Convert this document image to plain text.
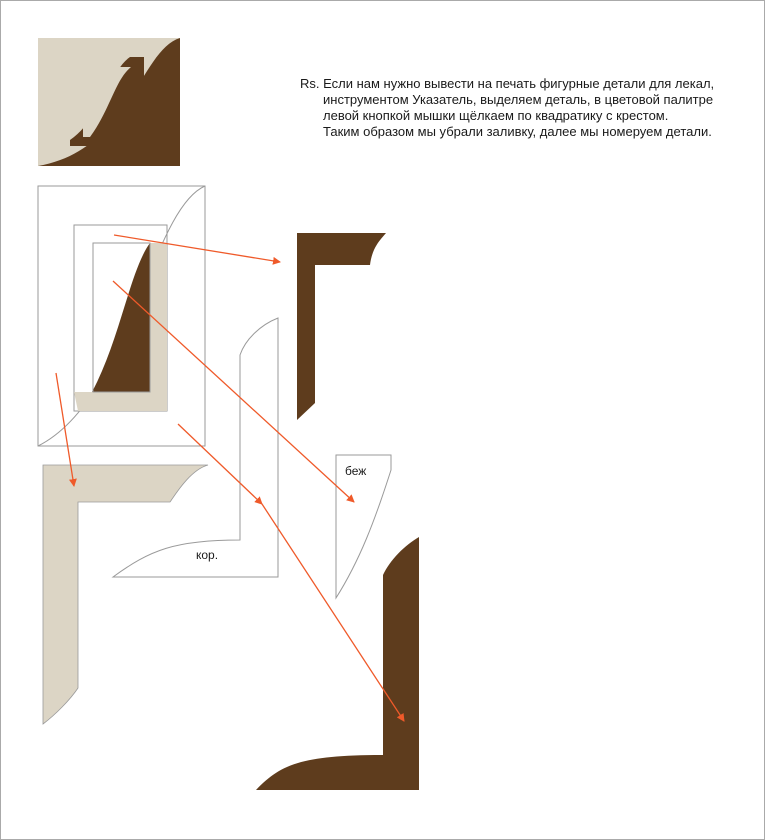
Rs. Если нам нужно вывести на печать фигурные детали для лекал,
инструментом Указатель, выделяем деталь, в цветовой палитре
левой кнопкой мышки щёлкаем по квадратику с крестом.
Таким образом мы убрали заливку, далее мы номеруем детали.
кор.
беж
